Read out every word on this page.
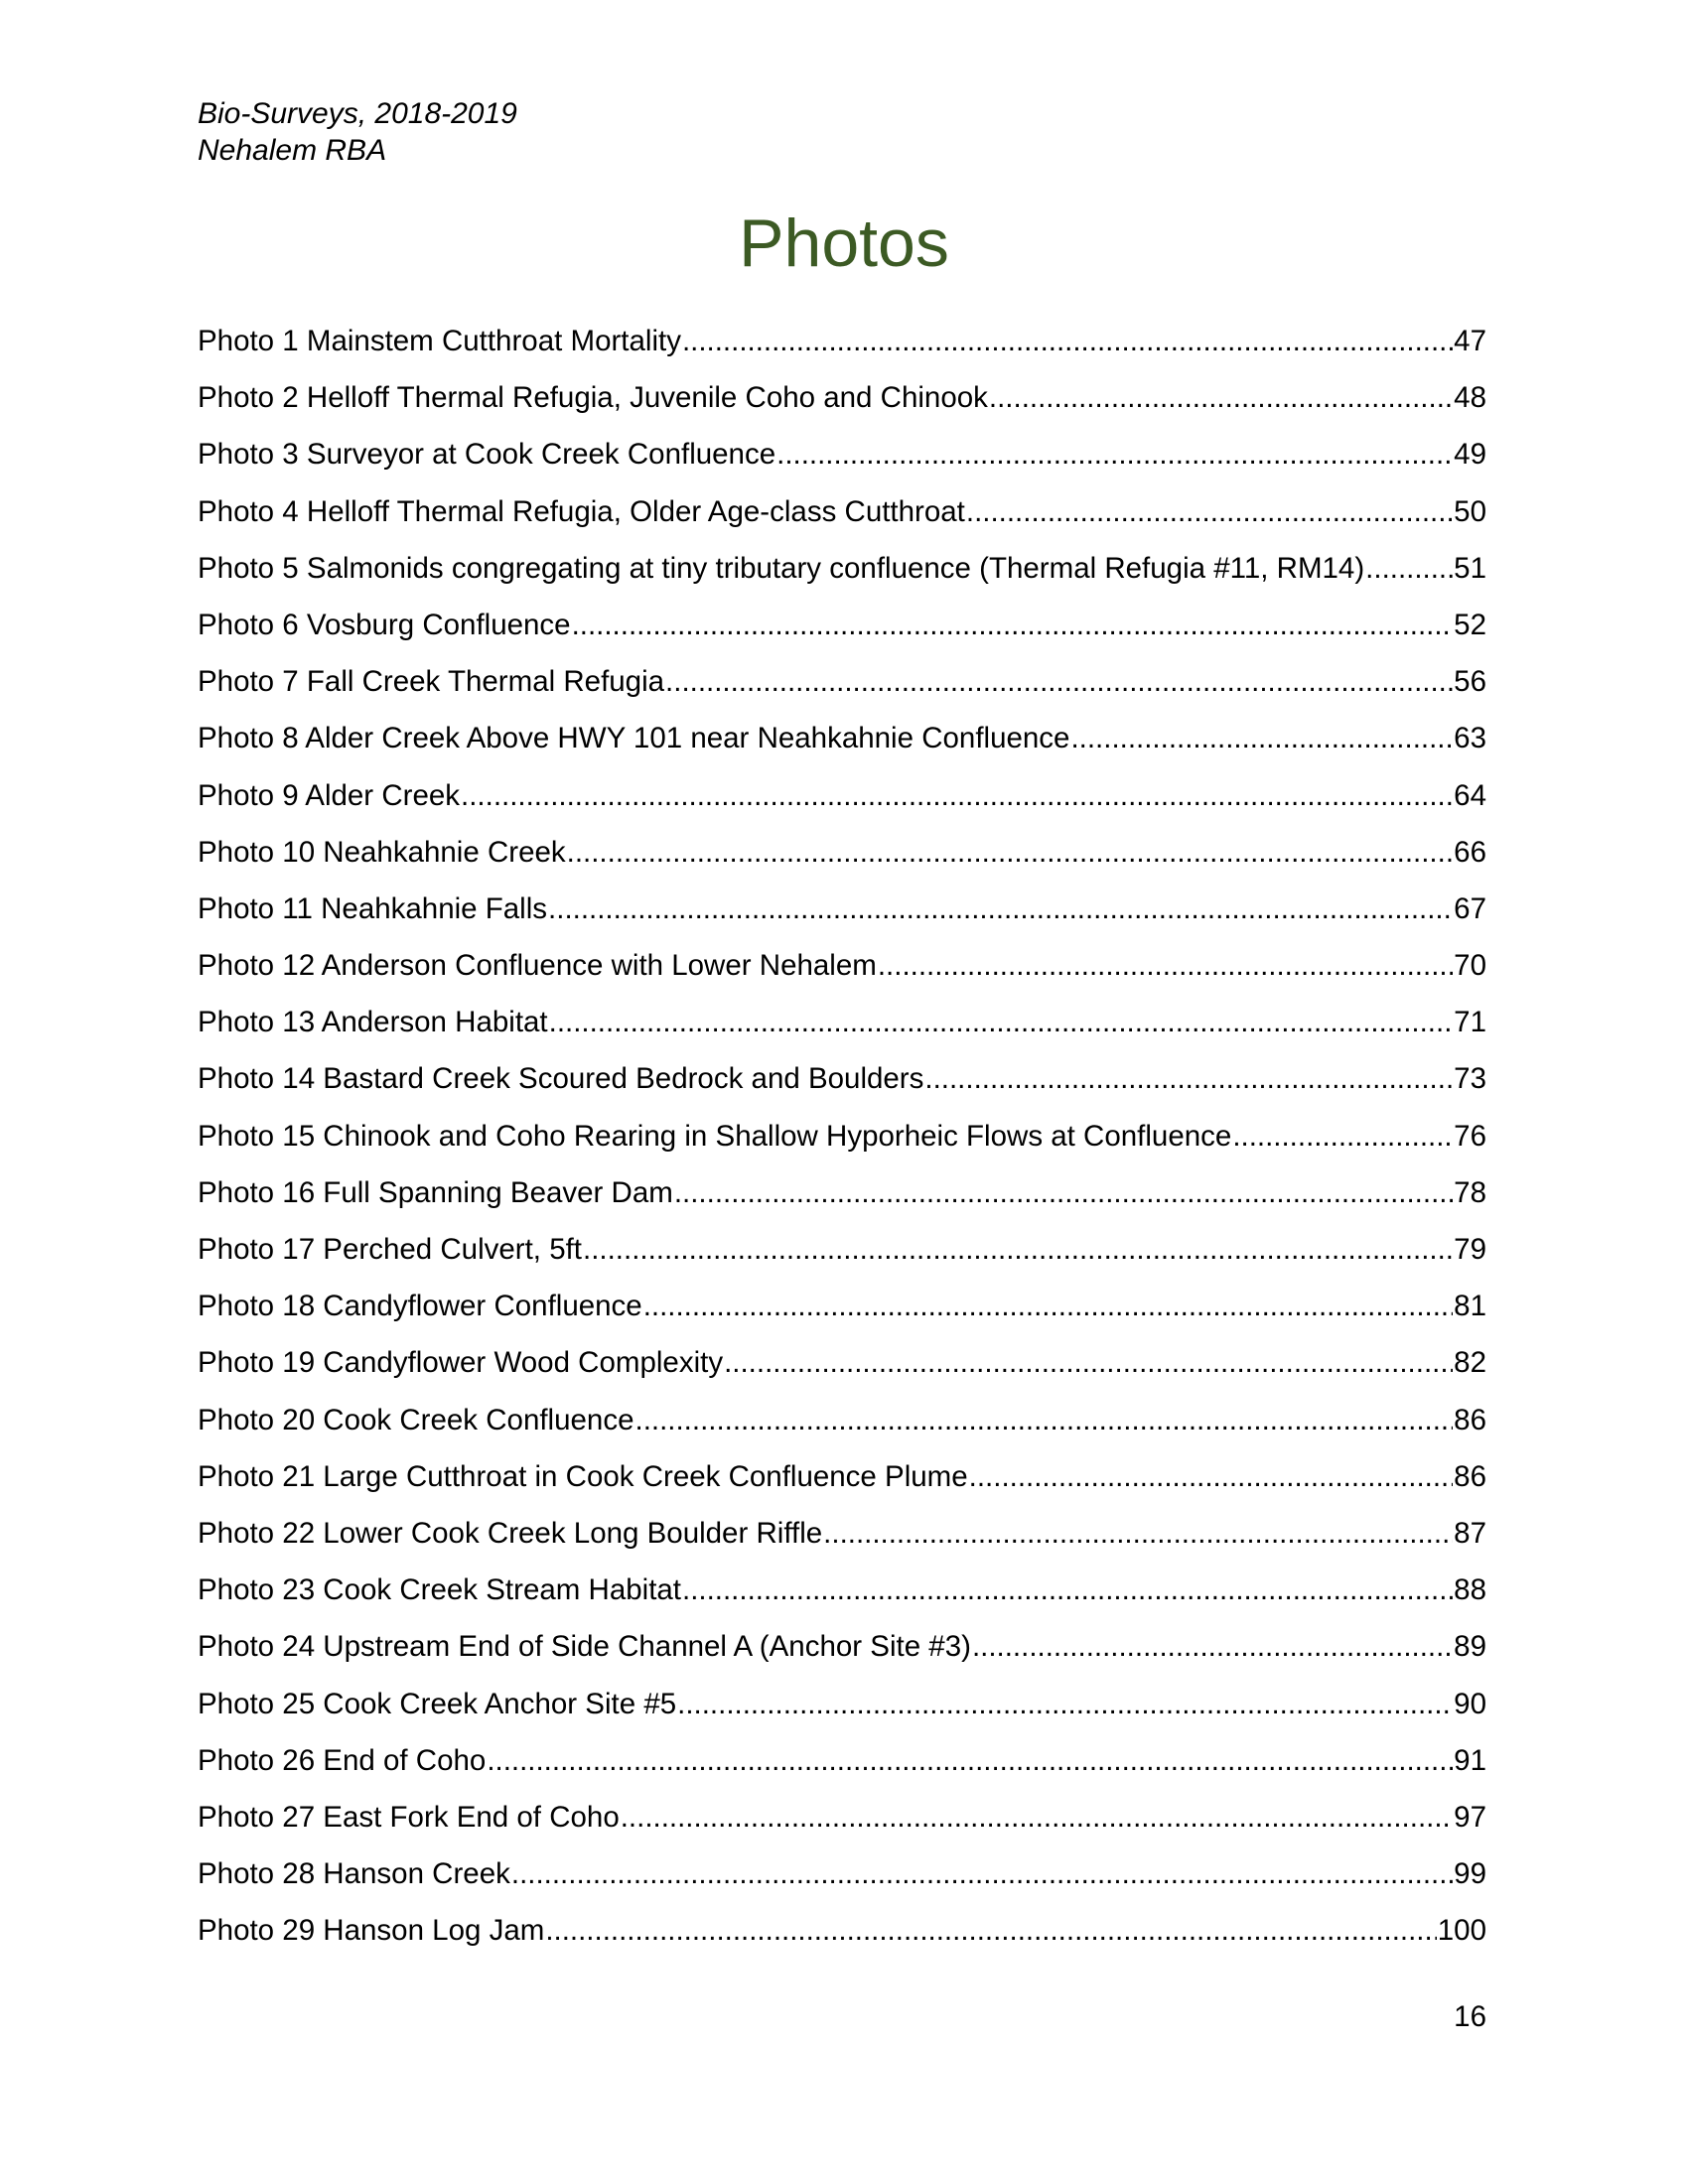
Bio-Surveys, 2018-2019
Nehalem RBA
Photos
Photo 1 Mainstem Cutthroat Mortality .....	47
Photo 2 Helloff Thermal Refugia, Juvenile Coho and Chinook .....	48
Photo 3 Surveyor at Cook Creek Confluence .....	49
Photo 4 Helloff Thermal Refugia, Older Age-class Cutthroat .....	50
Photo 5 Salmonids congregating at tiny tributary confluence (Thermal Refugia #11, RM14) .....	51
Photo 6 Vosburg Confluence .....	52
Photo 7 Fall Creek Thermal Refugia .....	56
Photo 8 Alder Creek Above HWY 101 near Neahkahnie Confluence .....	63
Photo 9 Alder Creek .....	64
Photo 10 Neahkahnie Creek .....	66
Photo 11 Neahkahnie Falls .....	67
Photo 12 Anderson Confluence with Lower Nehalem .....	70
Photo 13 Anderson Habitat .....	71
Photo 14 Bastard Creek Scoured Bedrock and Boulders .....	73
Photo 15 Chinook and Coho Rearing in Shallow Hyporheic Flows at Confluence .....	76
Photo 16 Full Spanning Beaver Dam .....	78
Photo 17 Perched Culvert, 5ft .....	79
Photo 18 Candyflower Confluence .....	81
Photo 19 Candyflower Wood Complexity .....	82
Photo 20 Cook Creek Confluence .....	86
Photo 21 Large Cutthroat in Cook Creek Confluence Plume .....	86
Photo 22 Lower Cook Creek Long Boulder Riffle .....	87
Photo 23 Cook Creek Stream Habitat .....	88
Photo 24 Upstream End of Side Channel A (Anchor Site #3) .....	89
Photo 25 Cook Creek Anchor Site #5 .....	90
Photo 26 End of Coho .....	91
Photo 27 East Fork End of Coho .....	97
Photo 28 Hanson Creek .....	99
Photo 29 Hanson Log Jam .....	100
16
